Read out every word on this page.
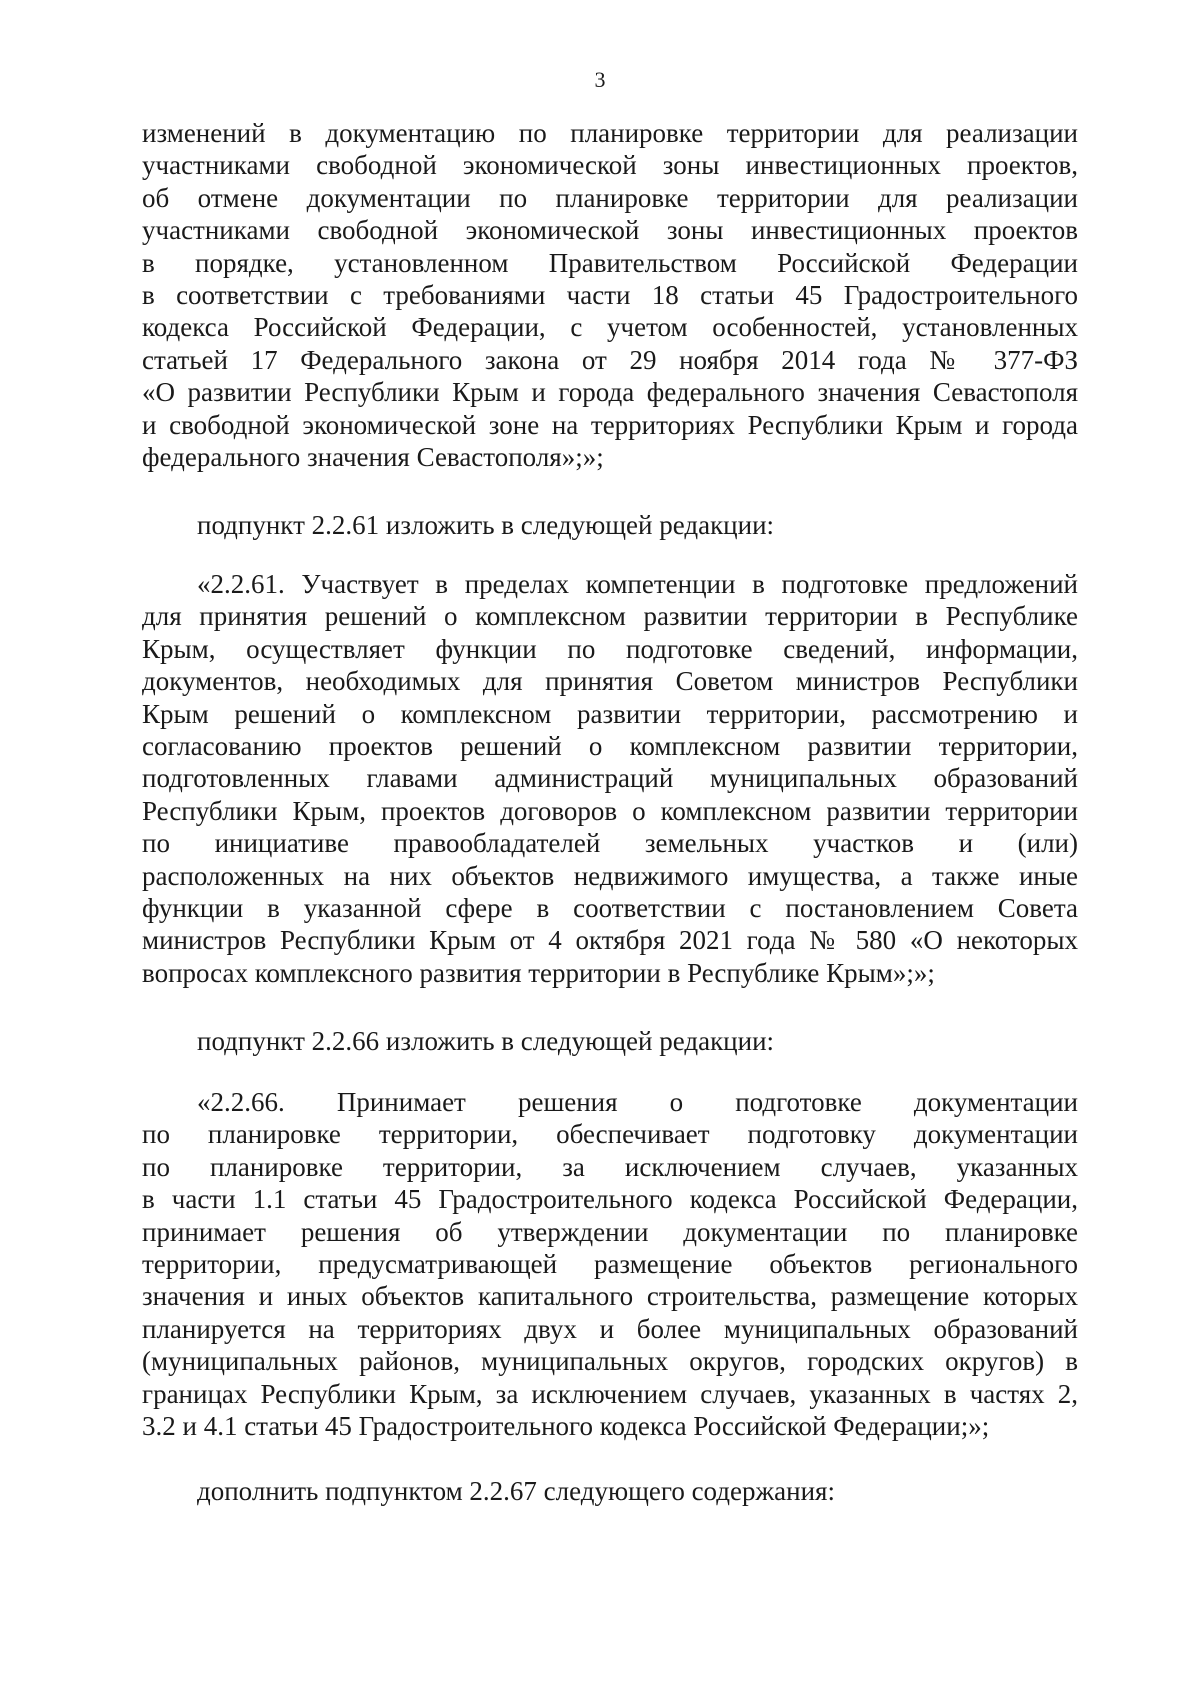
3
изменений в документацию по планировке территории для реализации
участниками свободной экономической зоны инвестиционных проектов,
об отмене документации по планировке территории для реализации
участниками свободной экономической зоны инвестиционных проектов
в порядке, установленном Правительством Российской Федерации
в соответствии с требованиями части 18 статьи 45 Градостроительного
кодекса Российской Федерации, с учетом особенностей, установленных
статьей 17 Федерального закона от 29 ноября 2014 года № 377-ФЗ
«О развитии Республики Крым и города федерального значения Севастополя
и свободной экономической зоне на территориях Республики Крым и города
федерального значения Севастополя»;»;
подпункт 2.2.61 изложить в следующей редакции:
«2.2.61. Участвует в пределах компетенции в подготовке предложений
для принятия решений о комплексном развитии территории в Республике
Крым, осуществляет функции по подготовке сведений, информации,
документов, необходимых для принятия Советом министров Республики
Крым решений о комплексном развитии территории, рассмотрению и
согласованию проектов решений о комплексном развитии территории,
подготовленных главами администраций муниципальных образований
Республики Крым, проектов договоров о комплексном развитии территории
по инициативе правообладателей земельных участков и (или)
расположенных на них объектов недвижимого имущества, а также иные
функции в указанной сфере в соответствии с постановлением Совета
министров Республики Крым от 4 октября 2021 года № 580 «О некоторых
вопросах комплексного развития территории в Республике Крым»;»;
подпункт 2.2.66 изложить в следующей редакции:
«2.2.66. Принимает решения о подготовке документации
по планировке территории, обеспечивает подготовку документации
по планировке территории, за исключением случаев, указанных
в части 1.1 статьи 45 Градостроительного кодекса Российской Федерации,
принимает решения об утверждении документации по планировке
территории, предусматривающей размещение объектов регионального
значения и иных объектов капитального строительства, размещение которых
планируется на территориях двух и более муниципальных образований
(муниципальных районов, муниципальных округов, городских округов) в
границах Республики Крым, за исключением случаев, указанных в частях 2,
3.2 и 4.1 статьи 45 Градостроительного кодекса Российской Федерации;»;
дополнить подпунктом 2.2.67 следующего содержания:
